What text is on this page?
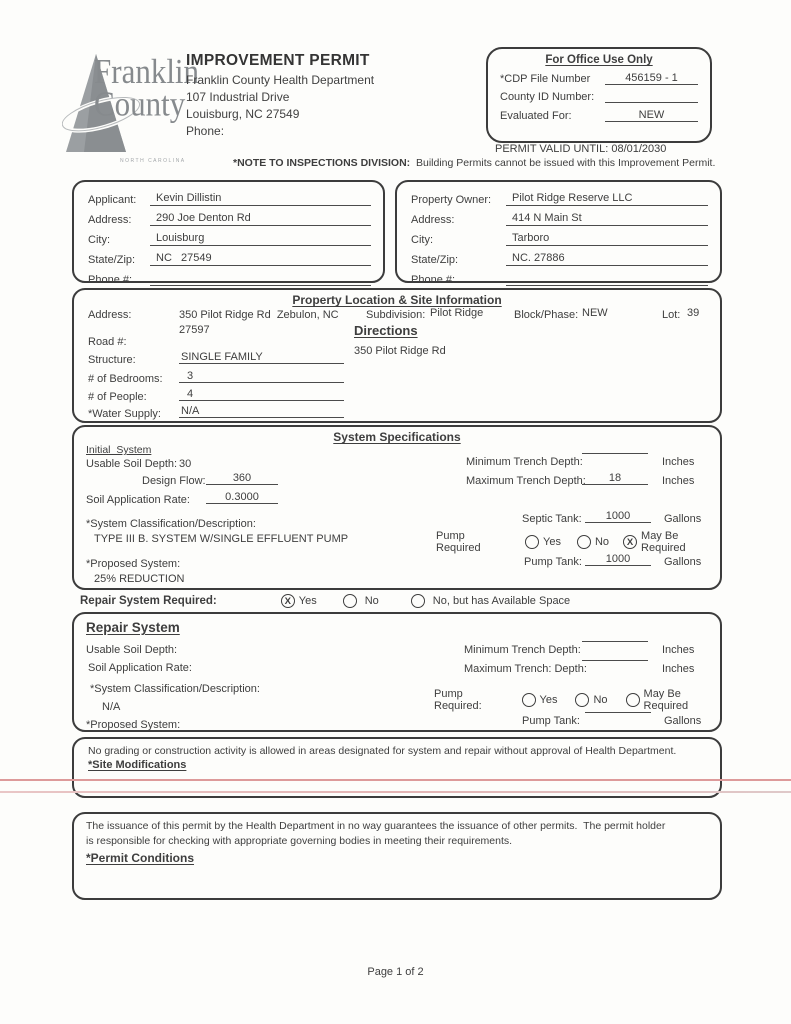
Franklin
County
NORTH CAROLINA
IMPROVEMENT PERMIT
Franklin County Health Department
107 Industrial Drive
Louisburg, NC 27549
Phone:
For Office Use Only
*CDP File Number	456159 - 1
County ID Number:
Evaluated For:	NEW
PERMIT VALID UNTIL: 08/01/2030
*NOTE TO INSPECTIONS DIVISION:  Building Permits cannot be issued with this Improvement Permit.
Applicant:	Kevin Dillistin
Address:	290 Joe Denton Rd
City:	Louisburg
State/Zip:	NC   27549
Phone #:
Property Owner:	Pilot Ridge Reserve LLC
Address:	414 N Main St
City:	Tarboro
State/Zip:	NC. 27886
Phone #:
Property Location & Site Information
Address:	350 Pilot Ridge Rd  Zebulon, NC
27597
Subdivision: Pilot Ridge	Block/Phase: NEW	Lot: 39
Directions
350 Pilot Ridge Rd
Road #:
Structure:	SINGLE FAMILY
# of Bedrooms:	3
# of People:	4
*Water Supply: N/A
System Specifications
Initial  System
Usable Soil Depth: 30
Design Flow:	360
Soil Application Rate:	0.3000
Minimum Trench Depth:	Inches
Maximum Trench Depth:	18	Inches
Septic Tank:	1000	Gallons
*System Classification/Description:
TYPE III B. SYSTEM W/SINGLE EFFLUENT PUMP	Pump Required	Yes	No X May Be Required
Pump Tank:	1000	Gallons
*Proposed System:
25% REDUCTION
Repair System Required:	X Yes	No	No, but has Available Space
Repair System
Usable Soil Depth:
Soil Application Rate:
*System Classification/Description:
N/A
*Proposed System:
Minimum Trench Depth:	Inches
Maximum Trench: Depth:	Inches
Pump Required:	Yes	No	May Be Required
Pump Tank:	Gallons
No grading or construction activity is allowed in areas designated for system and repair without approval of Health Department.
*Site Modifications
The issuance of this permit by the Health Department in no way guarantees the issuance of other permits.  The permit holder
is responsible for checking with appropriate governing bodies in meeting their requirements.
*Permit Conditions
Page 1 of 2
